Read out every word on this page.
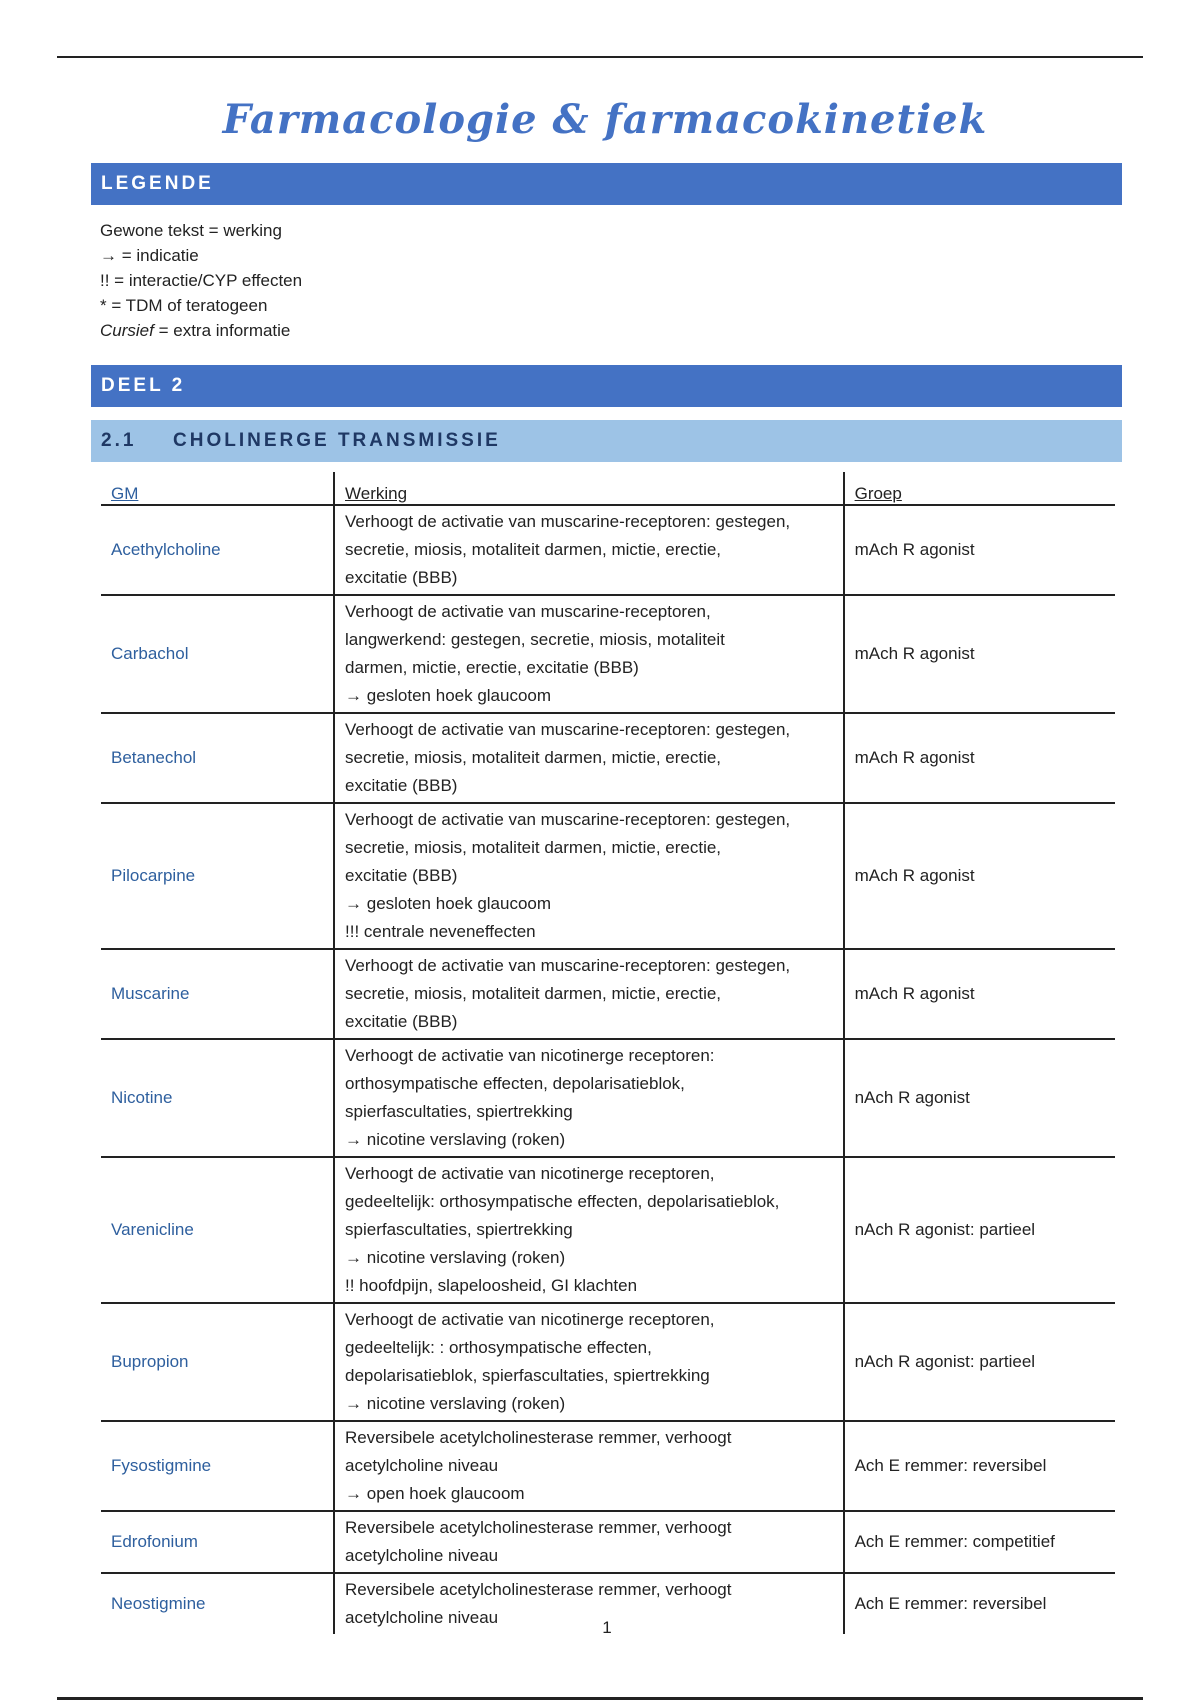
Farmacologie & farmacokinetiek
LEGENDE
Gewone tekst = werking
→ = indicatie
!! = interactie/CYP effecten
* = TDM of teratogeen
Cursief = extra informatie
DEEL 2
2.1 CHOLINERGE TRANSMISSIE
GM	Werking	Groep
Acethylcholine	Verhoogt de activatie van muscarine-receptoren: gestegen,
secretie, miosis, motaliteit darmen, mictie, erectie,
excitatie (BBB)	mAch R agonist
Carbachol	Verhoogt de activatie van muscarine-receptoren,
langwerkend: gestegen, secretie, miosis, motaliteit
darmen, mictie, erectie, excitatie (BBB)
→ gesloten hoek glaucoom	mAch R agonist
Betanechol	Verhoogt de activatie van muscarine-receptoren: gestegen,
secretie, miosis, motaliteit darmen, mictie, erectie,
excitatie (BBB)	mAch R agonist
Pilocarpine	Verhoogt de activatie van muscarine-receptoren: gestegen,
secretie, miosis, motaliteit darmen, mictie, erectie,
excitatie (BBB)
→ gesloten hoek glaucoom
!!! centrale neveneffecten	mAch R agonist
Muscarine	Verhoogt de activatie van muscarine-receptoren: gestegen,
secretie, miosis, motaliteit darmen, mictie, erectie,
excitatie (BBB)	mAch R agonist
Nicotine	Verhoogt de activatie van nicotinerge receptoren:
orthosympatische effecten, depolarisatieblok,
spierfascultaties, spiertrekking
→ nicotine verslaving (roken)	nAch R agonist
Varenicline	Verhoogt de activatie van nicotinerge receptoren,
gedeeltelijk: orthosympatische effecten, depolarisatieblok,
spierfascultaties, spiertrekking
→ nicotine verslaving (roken)
!! hoofdpijn, slapeloosheid, GI klachten	nAch R agonist: partieel
Bupropion	Verhoogt de activatie van nicotinerge receptoren,
gedeeltelijk: : orthosympatische effecten,
depolarisatieblok, spierfascultaties, spiertrekking
→ nicotine verslaving (roken)	nAch R agonist: partieel
Fysostigmine	Reversibele acetylcholinesterase remmer, verhoogt
acetylcholine niveau
→ open hoek glaucoom	Ach E remmer: reversibel
Edrofonium	Reversibele acetylcholinesterase remmer, verhoogt
acetylcholine niveau	Ach E remmer: competitief
Neostigmine	Reversibele acetylcholinesterase remmer, verhoogt
acetylcholine niveau	Ach E remmer: reversibel
1
